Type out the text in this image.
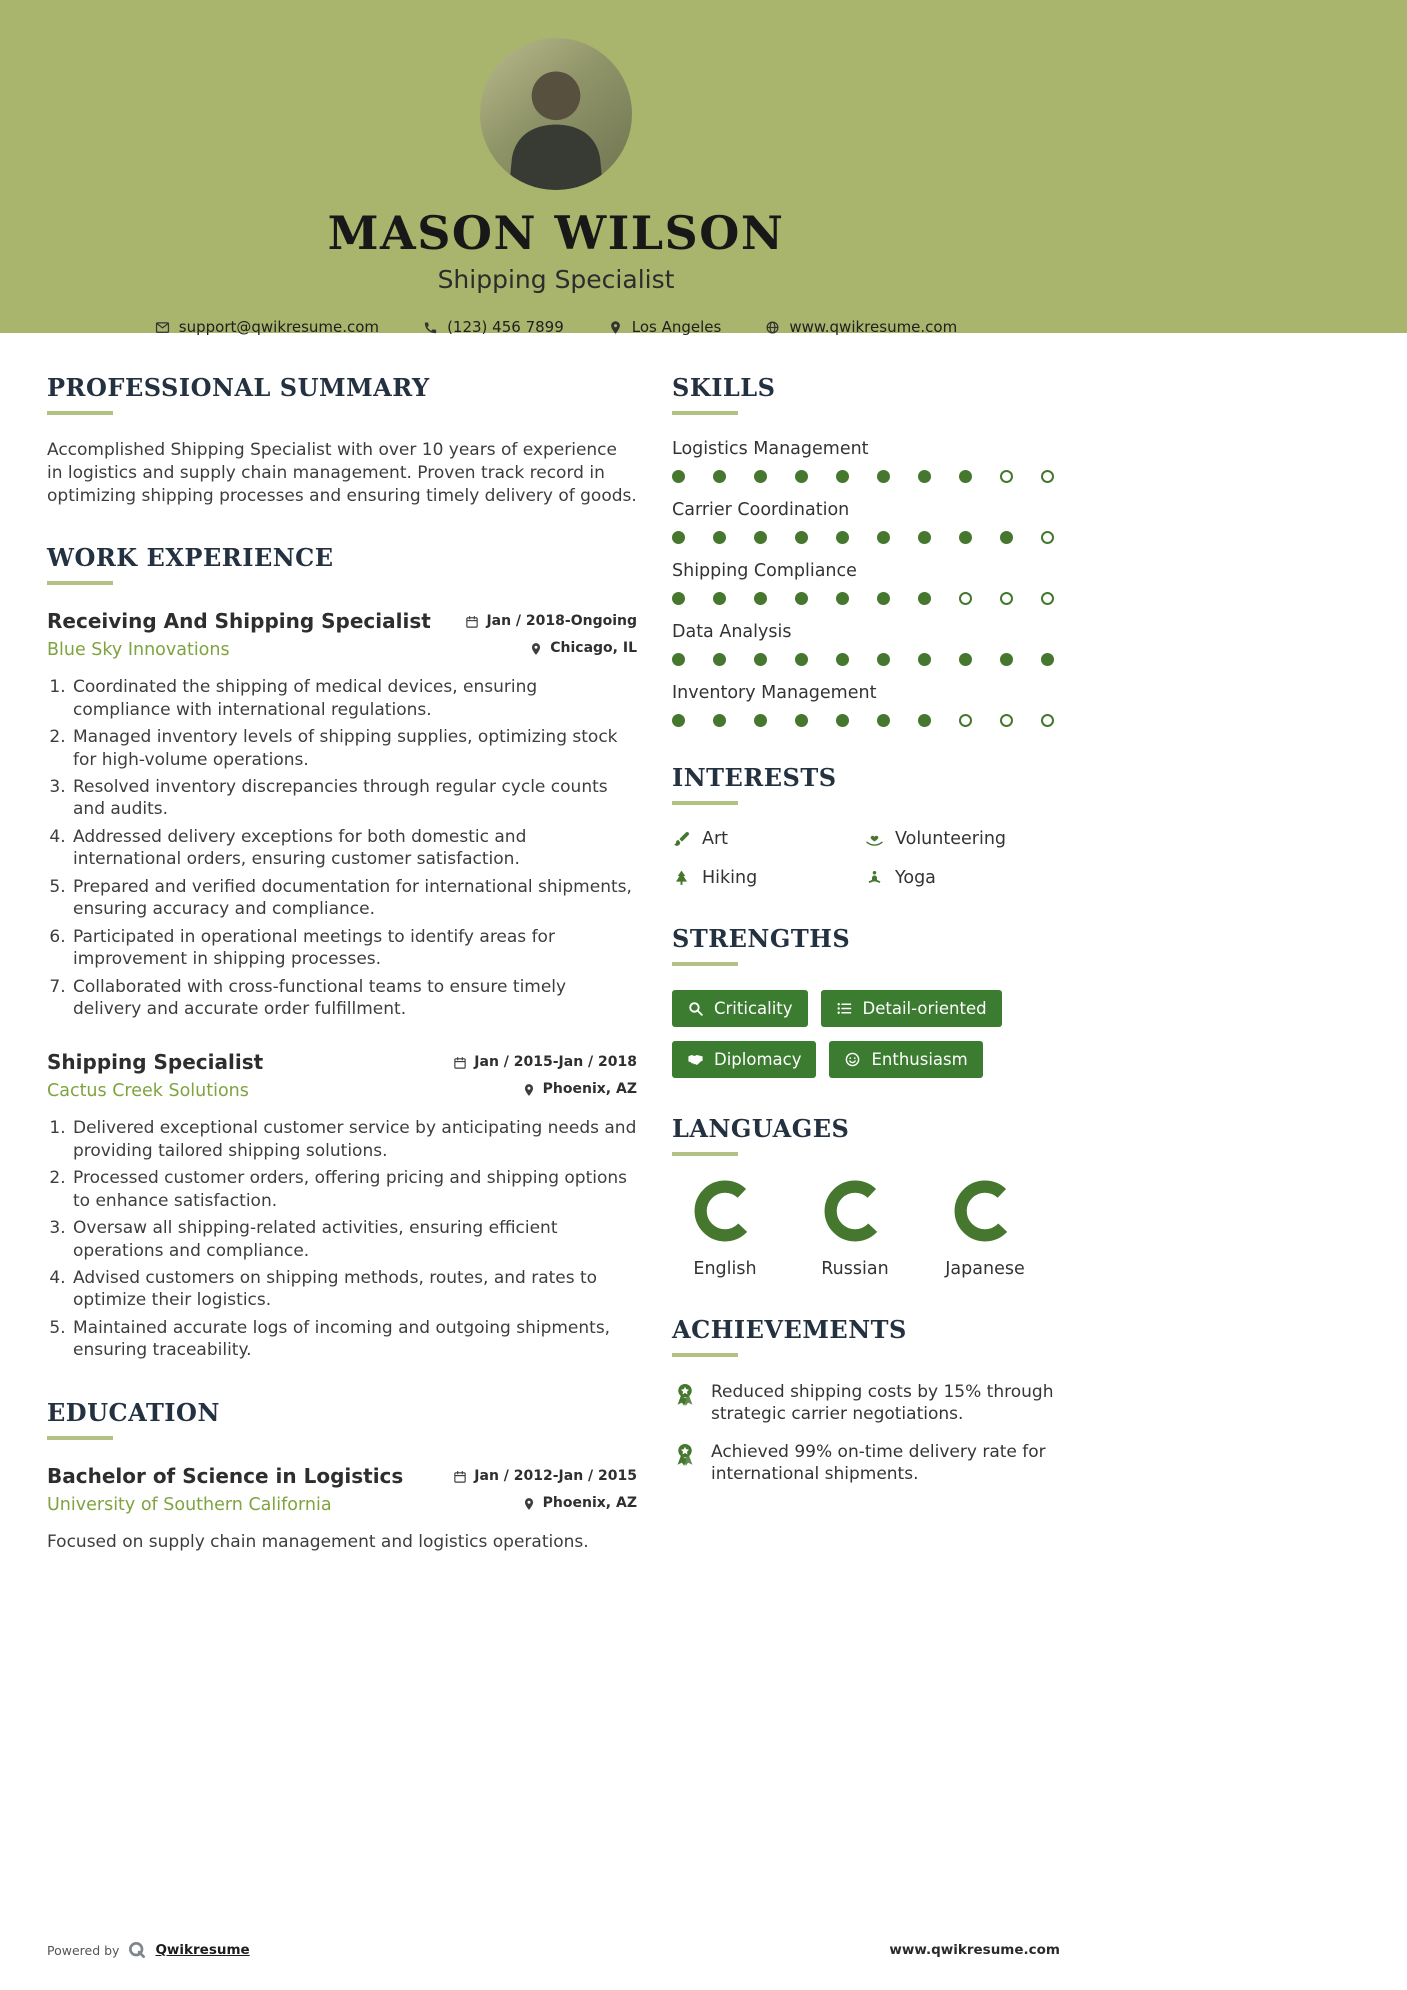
MASON WILSON
Shipping Specialist
support@qwikresume.com	(123) 456 7899	Los Angeles	www.qwikresume.com
PROFESSIONAL SUMMARY

Accomplished Shipping Specialist with over 10 years of experience in logistics and supply chain management. Proven track record in optimizing shipping processes and ensuring timely delivery of goods.

WORK EXPERIENCE
Receiving And Shipping Specialist	Jan / 2018-Ongoing
Blue Sky Innovations	Chicago, IL
1. Coordinated the shipping of medical devices, ensuring compliance with international regulations.
2. Managed inventory levels of shipping supplies, optimizing stock for high-volume operations.
3. Resolved inventory discrepancies through regular cycle counts and audits.
4. Addressed delivery exceptions for both domestic and international orders, ensuring customer satisfaction.
5. Prepared and verified documentation for international shipments, ensuring accuracy and compliance.
6. Participated in operational meetings to identify areas for improvement in shipping processes.
7. Collaborated with cross-functional teams to ensure timely delivery and accurate order fulfillment.
Shipping Specialist	Jan / 2015-Jan / 2018
Cactus Creek Solutions	Phoenix, AZ
1. Delivered exceptional customer service by anticipating needs and providing tailored shipping solutions.
2. Processed customer orders, offering pricing and shipping options to enhance satisfaction.
3. Oversaw all shipping-related activities, ensuring efficient operations and compliance.
4. Advised customers on shipping methods, routes, and rates to optimize their logistics.
5. Maintained accurate logs of incoming and outgoing shipments, ensuring traceability.
EDUCATION
Bachelor of Science in Logistics	Jan / 2012-Jan / 2015
University of Southern California	Phoenix, AZ

Focused on supply chain management and logistics operations.

SKILLS
Logistics Management
Carrier Coordination
Shipping Compliance
Data Analysis
Inventory Management
INTERESTS
Art	Volunteering
Hiking	Yoga
STRENGTHS
Criticality	Detail-oriented
Diplomacy	Enthusiasm
LANGUAGES
English	Russian	Japanese
ACHIEVEMENTS

Reduced shipping costs by 15% through strategic carrier negotiations.

Achieved 99% on-time delivery rate for international shipments.

Powered by	Qwikresume	www.qwikresume.com
